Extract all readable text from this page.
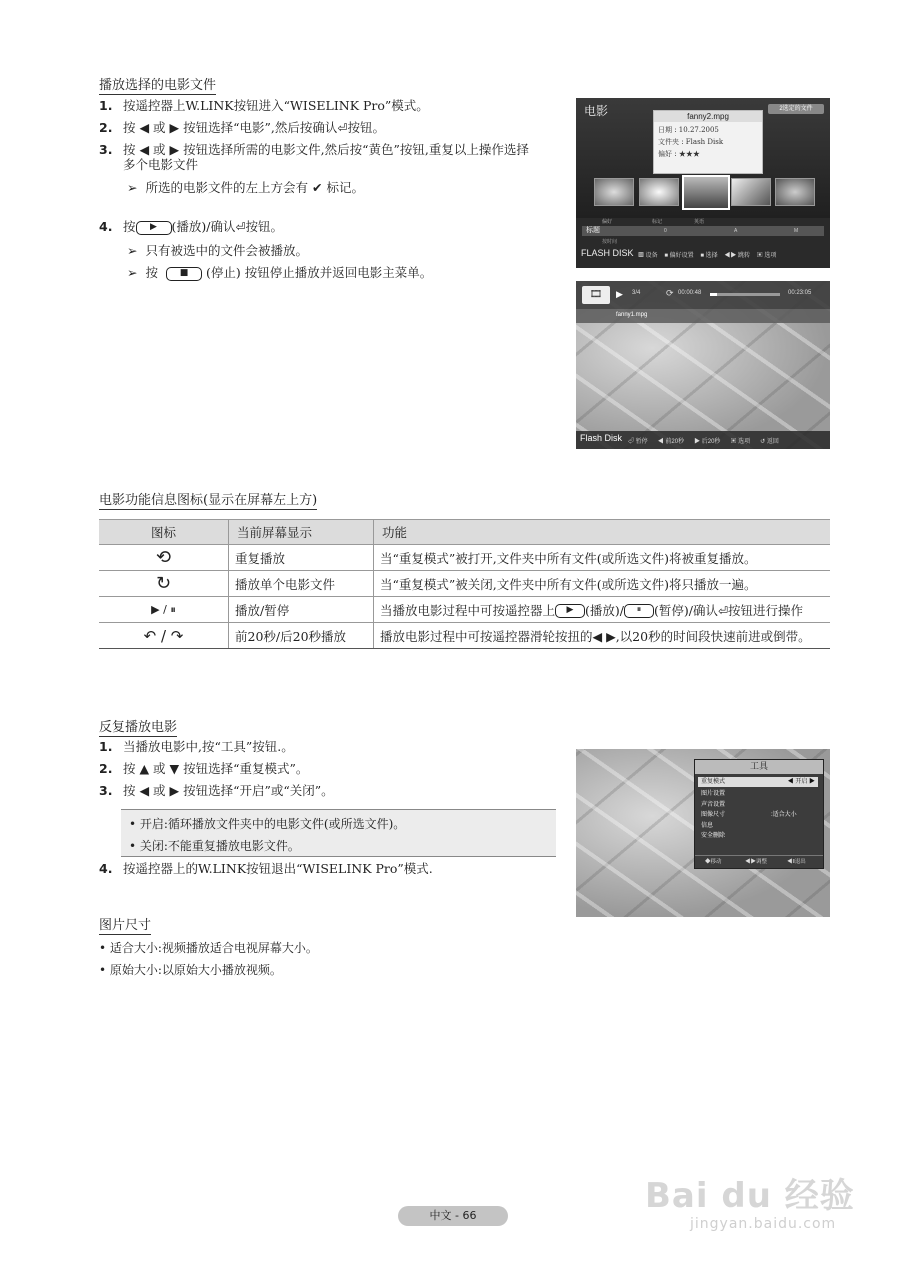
播放选择的电影文件
1. 按遥控器上W.LINK按钮进入“WISELINK Pro”模式。
2. 按 ◀ 或 ▶ 按钮选择“电影”,然后按确认⏎按钮。
3. 按 ◀ 或 ▶ 按钮选择所需的电影文件,然后按“黄色”按钮,重复以上操作选择
多个电影文件
➢ 所选的电影文件的左上方会有 ✔ 标记。
4. 按 ▶ (播放)/确认⏎按钮。
➢ 只有被选中的文件会被播放。
➢ 按 ■ (停止) 按钮停止播放并返回电影主菜单。
电影	2选定的文件
fanny2.mpg
日期 : 10.27.2005
文件夹 : Flash Disk
偏好 : ★★★
偏好	标记	英语
标题	0	A	M
按时间
FLASH DISK ▩ 设备 ■ 偏好设置 ■ 选择 ◀▶ 跳转 ▣ 选项
🎞	▶ 3/4	⟳ 00:00:48	00:23:05
fanny1.mpg
Flash Disk ⏎ 暂停 ◀ 前20秒 ▶ 后20秒 ▣ 选项 ↺ 返回
电影功能信息图标(显示在屏幕左上方)
图标	当前屏幕显示	功能
⟲	重复播放	当“重复模式”被打开,文件夹中所有文件(或所选文件)将被重复播放。
↻	播放单个电影文件	当“重复模式”被关闭,文件夹中所有文件(或所选文件)将只播放一遍。
▶ / ⏸	播放/暂停	当播放电影过程中可按遥控器上 ▶ (播放)/ ⏸ (暂停)/确认⏎按钮进行操作
↶ / ↷	前20秒/后20秒播放	播放电影过程中可按遥控器滑轮按扭的◀ ▶,以20秒的时间段快速前进或倒带。
反复播放电影
1. 当播放电影中,按“工具”按钮.。
2. 按 ▲ 或 ▼ 按钮选择“重复模式”。
3. 按 ◀ 或 ▶ 按钮选择“开启”或“关闭”。
• 开启:循环播放文件夹中的电影文件(或所选文件)。
• 关闭:不能重复播放电影文件。
4. 按遥控器上的W.LINK按钮退出“WISELINK Pro”模式.
工具
重复模式	◀ 开启 ▶
图片设置
声音设置
图像尺寸	:适合大小
信息
安全删除
◆移动	◀▶调整	◀‖退出
图片尺寸
• 适合大小:视频播放适合电视屏幕大小。
• 原始大小:以原始大小播放视频。
中文 - 66	Bai du 经验
jingyan.baidu.com
